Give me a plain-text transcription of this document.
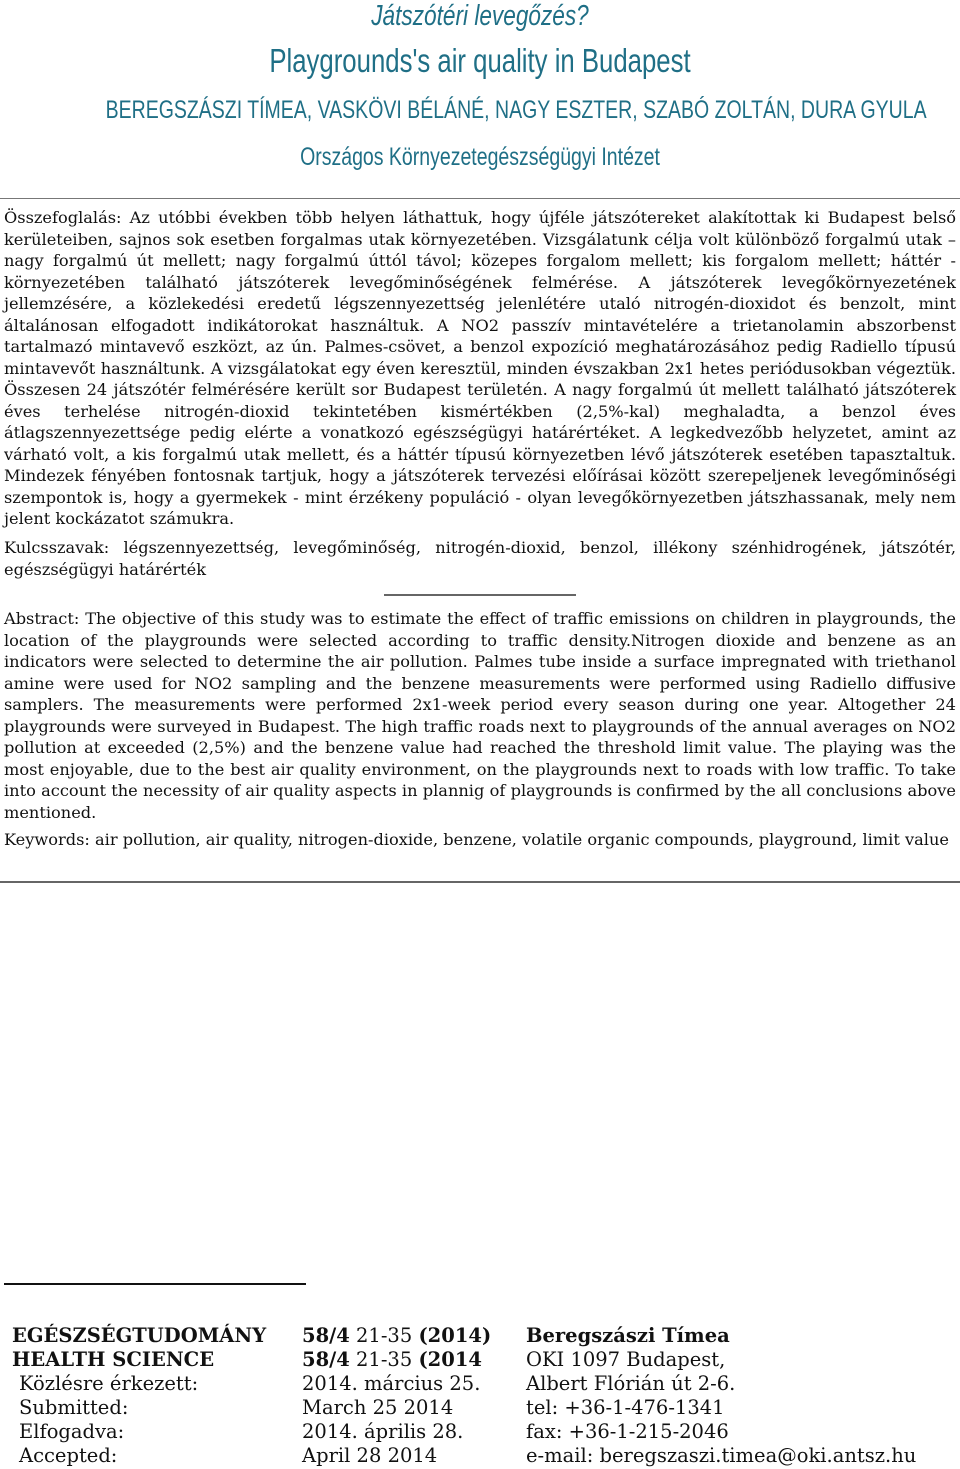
Játszótéri levegőzés?
Playgrounds's air quality in Budapest
BEREGSZÁSZI TÍMEA, VASKÖVI BÉLÁNÉ, NAGY ESZTER, SZABÓ ZOLTÁN, DURA GYULA
Országos Környezetegészségügyi Intézet

Összefoglalás: Az utóbbi években több helyen láthattuk, hogy újféle játszótereket alakítottak ki Budapest belső kerületeiben, sajnos sok esetben forgalmas utak környezetében. Vizsgálatunk célja volt különböző forgalmú utak – nagy forgalmú út mellett; nagy forgalmú úttól távol; közepes forgalom mellett; kis forgalom mellett; háttér - környezetében található játszóterek levegőminőségének felmérése. A játszóterek levegőkörnyezetének jellemzésére, a közlekedési eredetű légszennyezettség jelenlétére utaló nitrogén-dioxidot és benzolt, mint általánosan elfogadott indikátorokat használtuk. A NO2 passzív mintavételére a trietanolamin abszorbenst tartalmazó mintavevő eszközt, az ún. Palmes-csövet, a benzol expozíció meghatározásához pedig Radiello típusú mintavevőt használtunk. A vizsgálatokat egy éven keresztül, minden évszakban 2x1 hetes periódusokban végeztük. Összesen 24 játszótér felmérésére került sor Budapest területén. A nagy forgalmú út mellett található játszóterek éves terhelése nitrogén-dioxid tekintetében kismértékben (2,5%-kal) meghaladta, a benzol éves átlagszennyezettsége pedig elérte a vonatkozó egészségügyi határértéket. A legkedvezőbb helyzetet, amint az várható volt, a kis forgalmú utak mellett, és a háttér típusú környezetben lévő játszóterek esetében tapasztaltuk. Mindezek fényében fontosnak tartjuk, hogy a játszóterek tervezési előírásai között szerepeljenek levegőminőségi szempontok is, hogy a gyermekek - mint érzékeny populáció - olyan levegőkörnyezetben játszhassanak, mely nem jelent kockázatot számukra.

Kulcsszavak: légszennyezettség, levegőminőség, nitrogén-dioxid, benzol, illékony szénhidrogének, játszótér, egészségügyi határérték

Abstract: The objective of this study was to estimate the effect of traffic emissions on children in playgrounds, the location of the playgrounds were selected according to traffic density.Nitrogen dioxide and benzene as an indicators were selected to determine the air pollution. Palmes tube inside a surface impregnated with triethanol amine were used for NO2 sampling and the benzene measurements were performed using Radiello diffusive samplers. The measurements were performed 2x1-week period every season during one year. Altogether 24 playgrounds were surveyed in Budapest. The high traffic roads next to playgrounds of the annual averages on NO2 pollution at exceeded (2,5%) and the benzene value had reached the threshold limit value. The playing was the most enjoyable, due to the best air quality environment, on the playgrounds next to roads with low traffic. To take into account the necessity of air quality aspects in plannig of playgrounds is confirmed by the all conclusions above mentioned.

Keywords: air pollution, air quality, nitrogen-dioxide, benzene, volatile organic compounds, playground, limit value

EGÉSZSÉGTUDOMÁNY
HEALTH SCIENCE
Közlésre érkezett:
Submitted:
Elfogadva:
Accepted:
58/4 21-35 (2014)
58/4 21-35 (2014
2014. március 25.
March 25 2014
2014. április 28.
April 28 2014
Beregszászi Tímea
OKI 1097 Budapest,
Albert Flórián út 2-6.
tel: +36-1-476-1341
fax: +36-1-215-2046
e-mail: beregszaszi.timea@oki.antsz.hu
